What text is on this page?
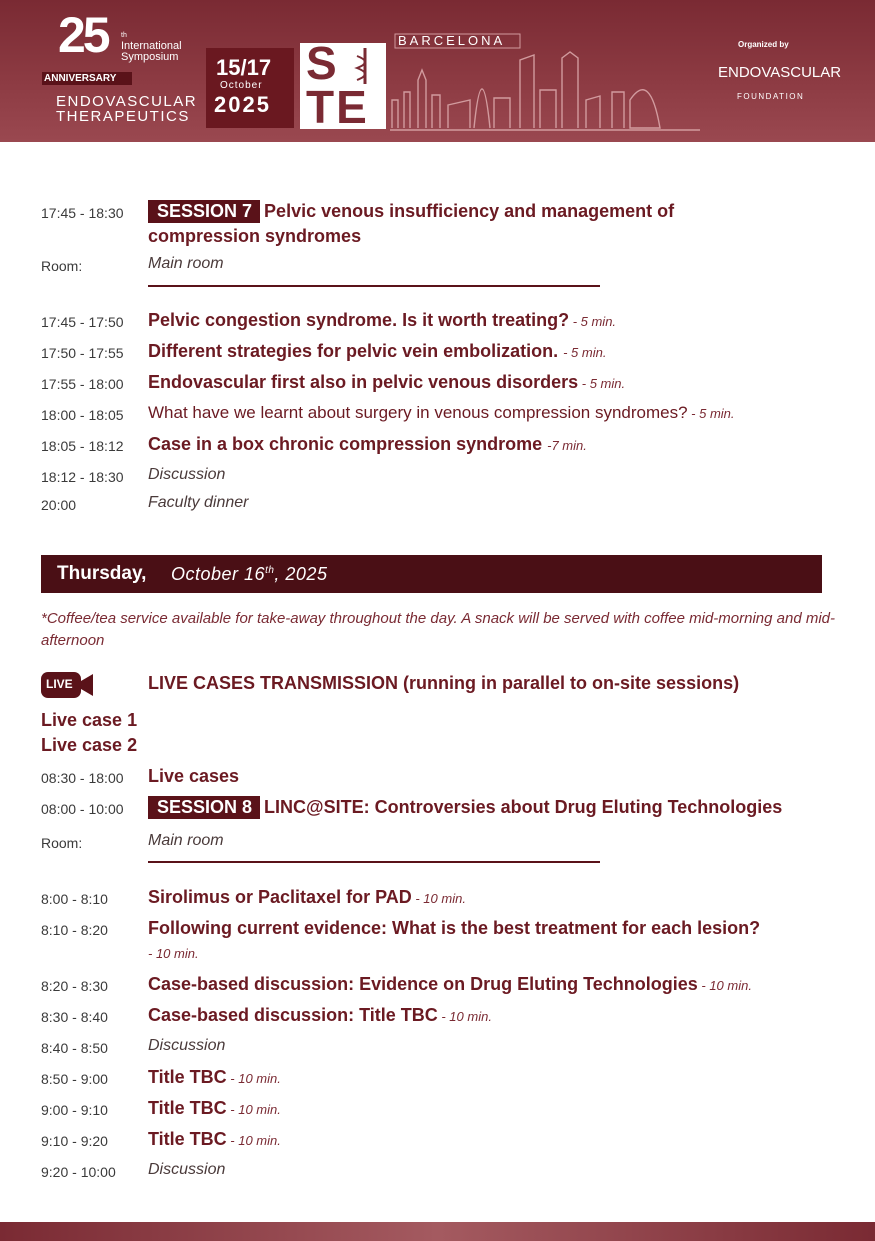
25 th
International
Symposium
ANNIVERSARY
ENDOVASCULAR
THERAPEUTICS
15/17
October
2025
S
TE
BARCELONA	Organized by
ENDOVASCULAR
FOUNDATION
17:45 - 18:30	SESSION 7 Pelvic venous insufficiency and management of
compression syndromes
Room:	Main room
17:45 - 17:50 Pelvic congestion syndrome. Is it worth treating? - 5 min.
17:50 - 17:55 Different strategies for pelvic vein embolization. - 5 min.
17:55 - 18:00 Endovascular first also in pelvic venous disorders - 5 min.
18:00 - 18:05 What have we learnt about surgery in venous compression syndromes? - 5 min.
18:05 - 18:12 Case in a box chronic compression syndrome -7 min.
18:12 - 18:30 Discussion
20:00	Faculty dinner
Thursday, October 16th, 2025
*Coffee/tea service available for take-away throughout the day. A snack will be served with coffee mid-morning and mid-afternoon
LIVE	LIVE CASES TRANSMISSION (running in parallel to on-site sessions)
Live case 1
Live case 2
08:30 - 18:00 Live cases
08:00 - 10:00	SESSION 8 LINC@SITE: Controversies about Drug Eluting Technologies
Room:	Main room
8:00 - 8:10 Sirolimus or Paclitaxel for PAD - 10 min.
8:10 - 8:20 Following current evidence: What is the best treatment for each lesion?
- 10 min.
8:20 - 8:30 Case-based discussion: Evidence on Drug Eluting Technologies - 10 min.
8:30 - 8:40 Case-based discussion: Title TBC - 10 min.
8:40 - 8:50	Discussion
8:50 - 9:00 Title TBC - 10 min.
9:00 - 9:10 Title TBC - 10 min.
9:10 - 9:20 Title TBC - 10 min.
9:20 - 10:00 Discussion
